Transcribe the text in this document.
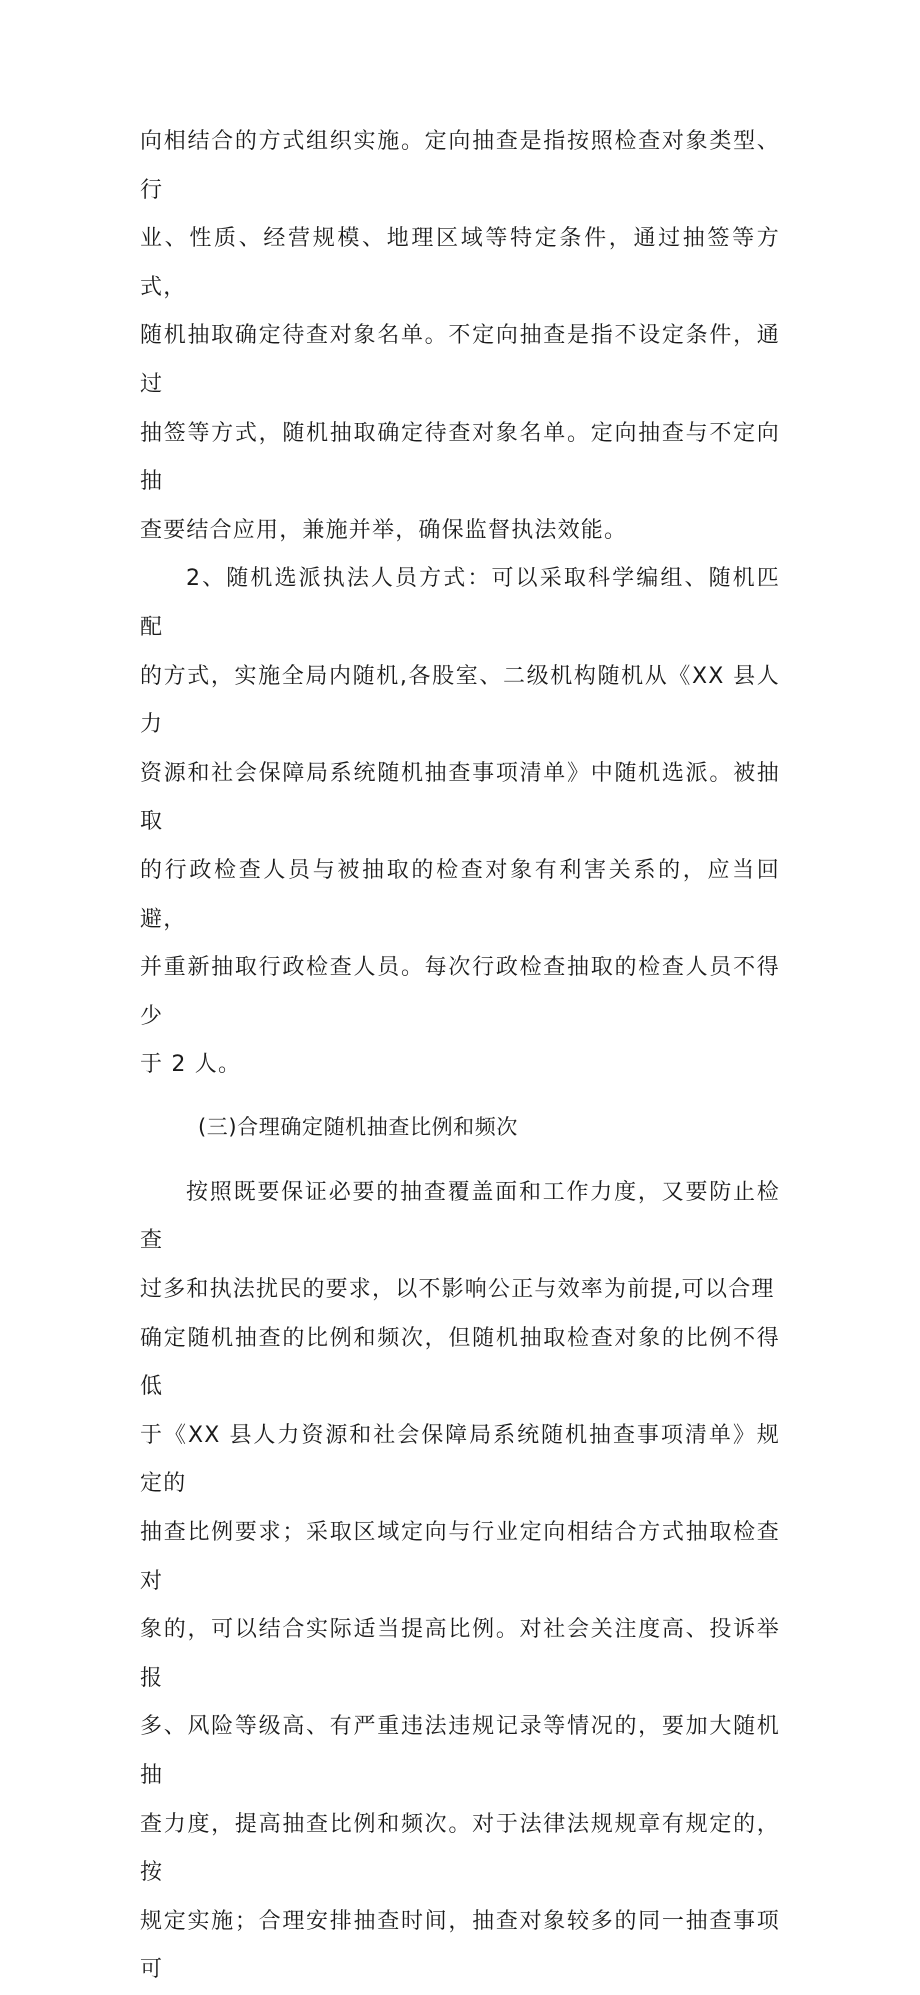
向相结合的方式组织实施。定向抽查是指按照检查对象类型、行
业、性质、经营规模、地理区域等特定条件，通过抽签等方式，
随机抽取确定待查对象名单。不定向抽查是指不设定条件，通过
抽签等方式，随机抽取确定待查对象名单。定向抽查与不定向抽
查要结合应用，兼施并举，确保监督执法效能。
2、随机选派执法人员方式：可以采取科学编组、随机匹配
的方式，实施全局内随机,各股室、二级机构随机从《XX 县人力
资源和社会保障局系统随机抽查事项清单》中随机选派。被抽取
的行政检查人员与被抽取的检查对象有利害关系的，应当回避，
并重新抽取行政检查人员。每次行政检查抽取的检查人员不得少
于 2 人。
(三)合理确定随机抽查比例和频次
按照既要保证必要的抽查覆盖面和工作力度，又要防止检查
过多和执法扰民的要求，以不影响公正与效率为前提,可以合理
确定随机抽查的比例和频次，但随机抽取检查对象的比例不得低
于《XX 县人力资源和社会保障局系统随机抽查事项清单》规定的
抽查比例要求；采取区域定向与行业定向相结合方式抽取检查对
象的，可以结合实际适当提高比例。对社会关注度高、投诉举报
多、风险等级高、有严重违法违规记录等情况的，要加大随机抽
查力度，提高抽查比例和频次。对于法律法规规章有规定的，按
规定实施；合理安排抽查时间，抽查对象较多的同一抽查事项可
